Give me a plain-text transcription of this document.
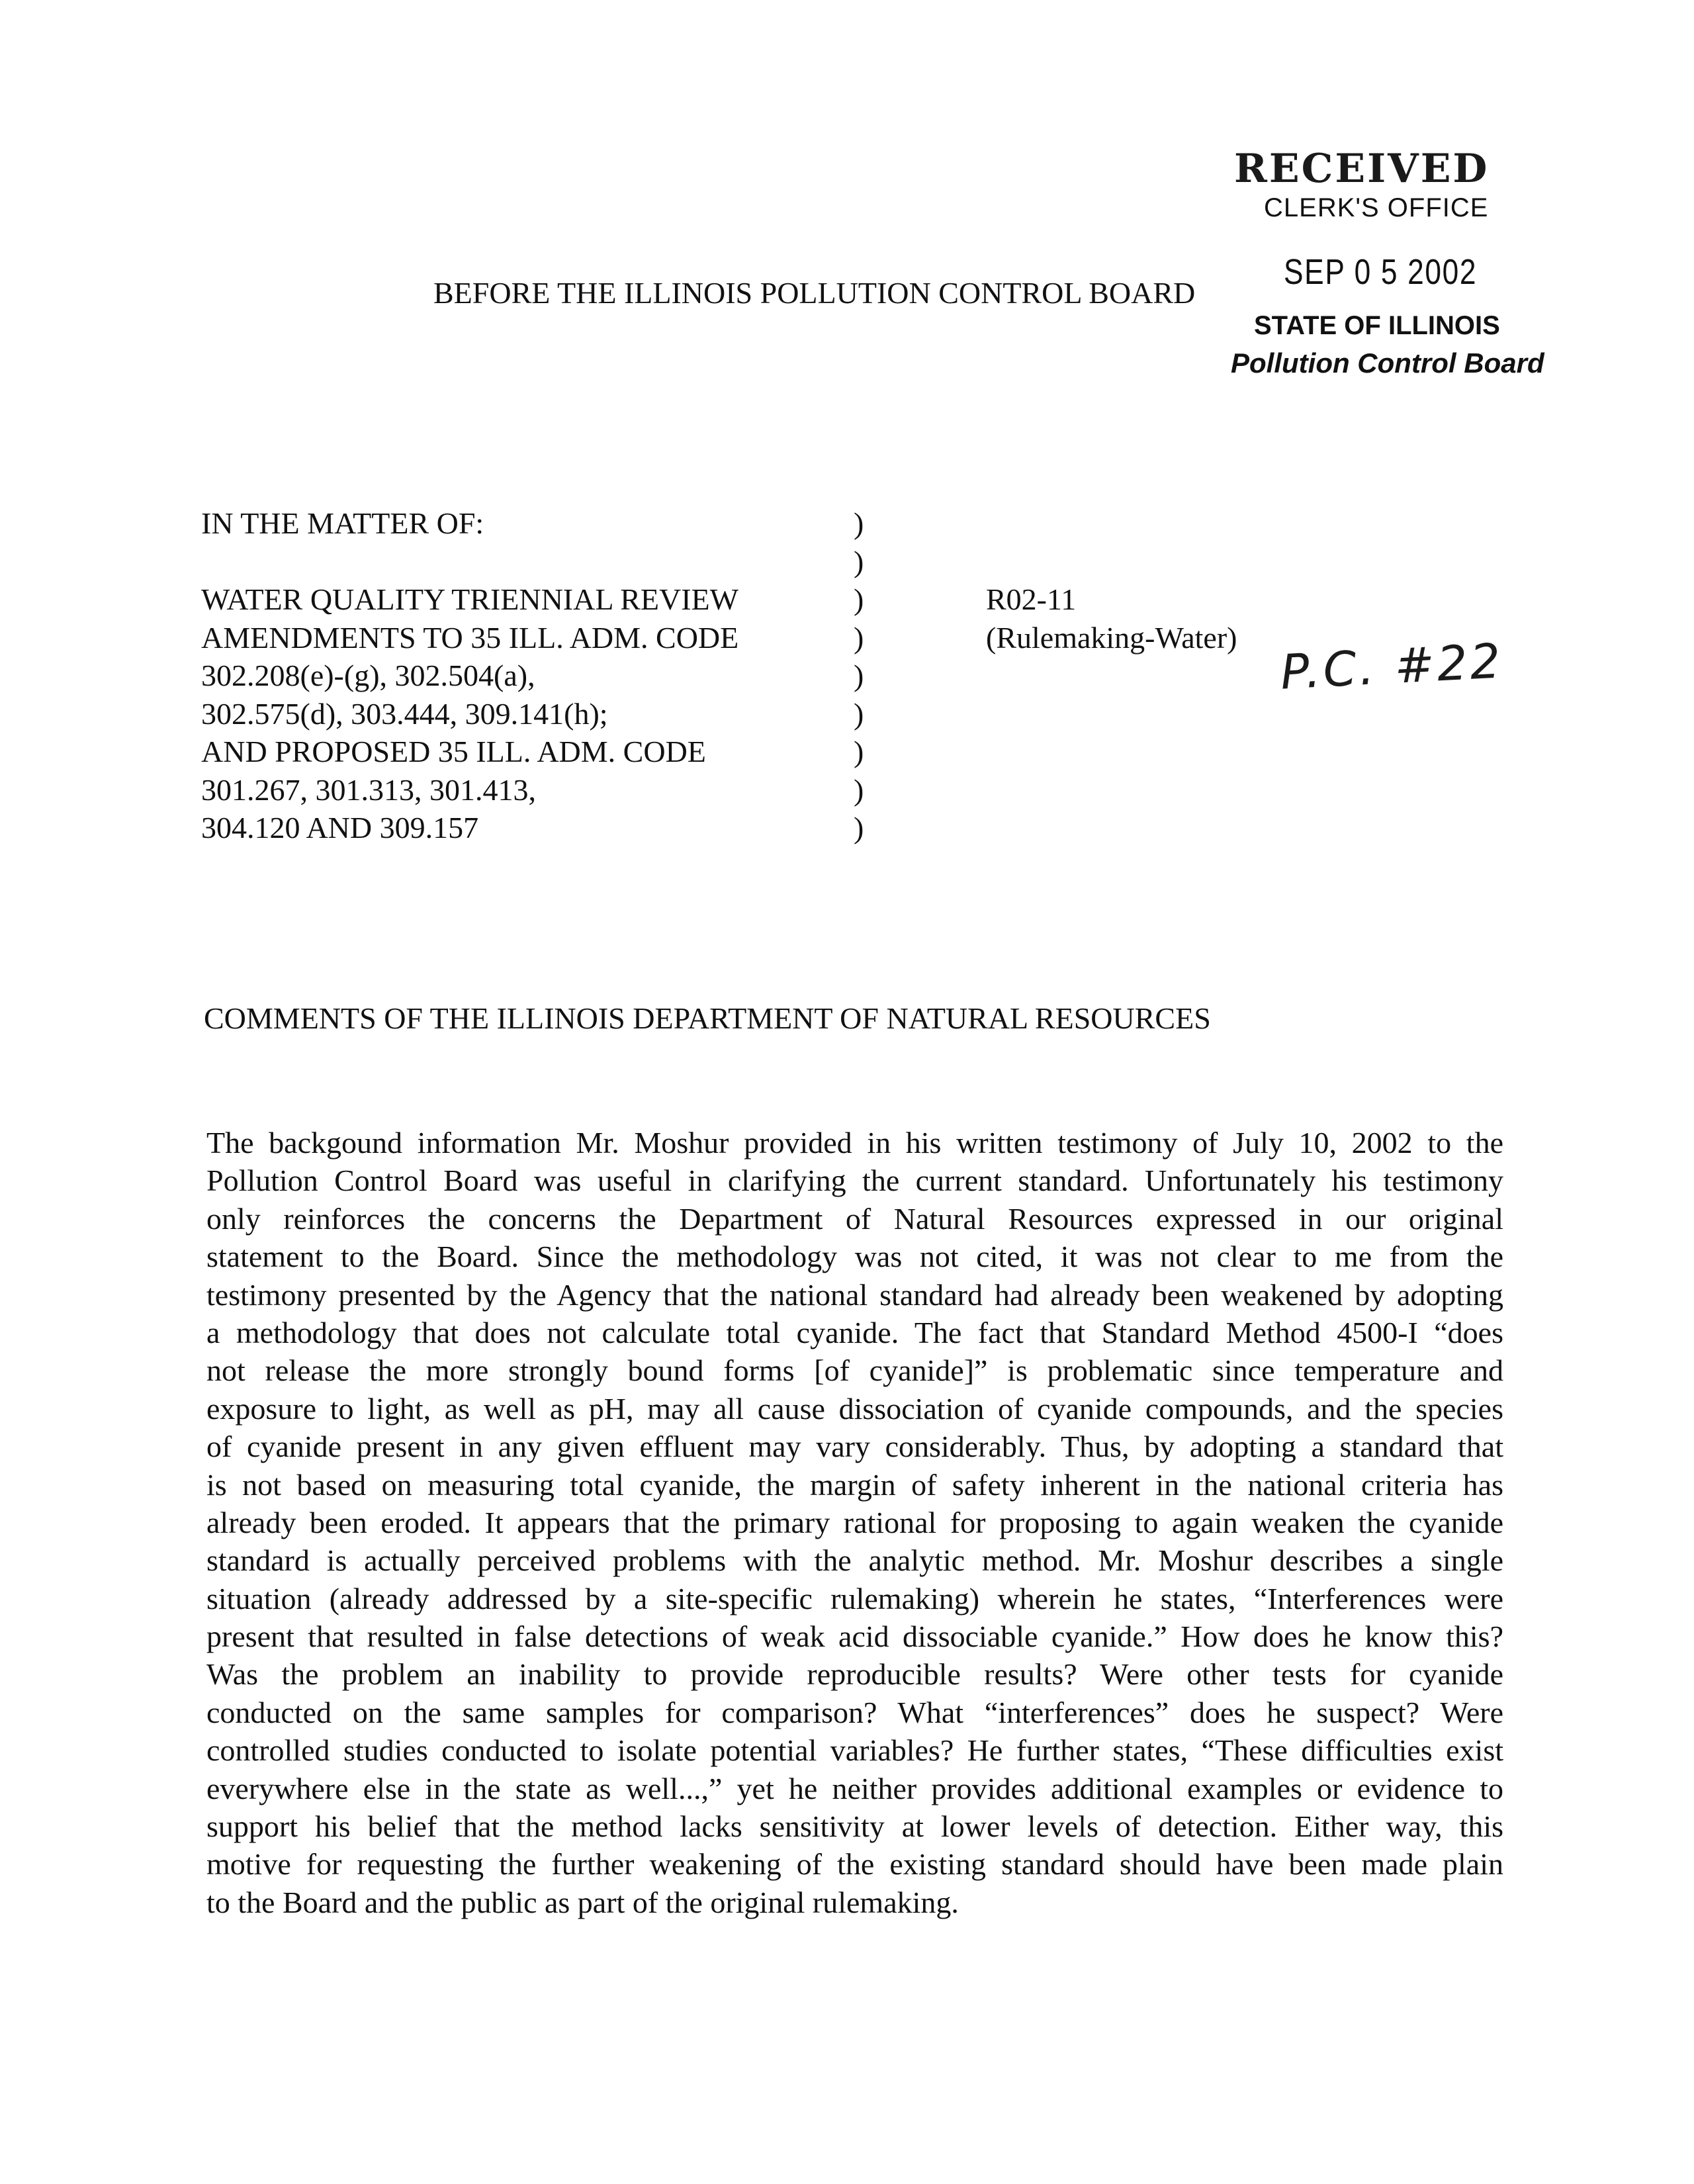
RECEIVED
CLERK'S OFFICE
SEP 0 5 2002
STATE OF ILLINOIS
Pollution Control Board
BEFORE THE ILLINOIS POLLUTION CONTROL BOARD
IN THE MATTER OF:
WATER QUALITY TRIENNIAL REVIEW
AMENDMENTS TO 35 ILL. ADM. CODE
302.208(e)-(g), 302.504(a),
302.575(d), 303.444, 309.141(h);
AND PROPOSED 35 ILL. ADM. CODE
301.267, 301.313, 301.413,
304.120 AND 309.157
)
)
)
)
)
)
)
)
)
R02-11
(Rulemaking-Water) P.C. #22
COMMENTS OF THE ILLINOIS DEPARTMENT OF NATURAL RESOURCES
The backgound information Mr. Moshur provided in his written testimony of July 10, 2002 to the
Pollution Control Board was useful in clarifying the current standard. Unfortunately his testimony
only reinforces the concerns the Department of Natural Resources expressed in our original
statement to the Board. Since the methodology was not cited, it was not clear to me from the
testimony presented by the Agency that the national standard had already been weakened by adopting
a methodology that does not calculate total cyanide. The fact that Standard Method 4500-I “does
not release the more strongly bound forms [of cyanide]” is problematic since temperature and
exposure to light, as well as pH, may all cause dissociation of cyanide compounds, and the species
of cyanide present in any given effluent may vary considerably. Thus, by adopting a standard that
is not based on measuring total cyanide, the margin of safety inherent in the national criteria has
already been eroded. It appears that the primary rational for proposing to again weaken the cyanide
standard is actually perceived problems with the analytic method. Mr. Moshur describes a single
situation (already addressed by a site-specific rulemaking) wherein he states, “Interferences were
present that resulted in false detections of weak acid dissociable cyanide.” How does he know this?
Was the problem an inability to provide reproducible results? Were other tests for cyanide
conducted on the same samples for comparison? What “interferences” does he suspect? Were
controlled studies conducted to isolate potential variables? He further states, “These difficulties exist
everywhere else in the state as well...,” yet he neither provides additional examples or evidence to
support his belief that the method lacks sensitivity at lower levels of detection. Either way, this
motive for requesting the further weakening of the existing standard should have been made plain
to the Board and the public as part of the original rulemaking.
